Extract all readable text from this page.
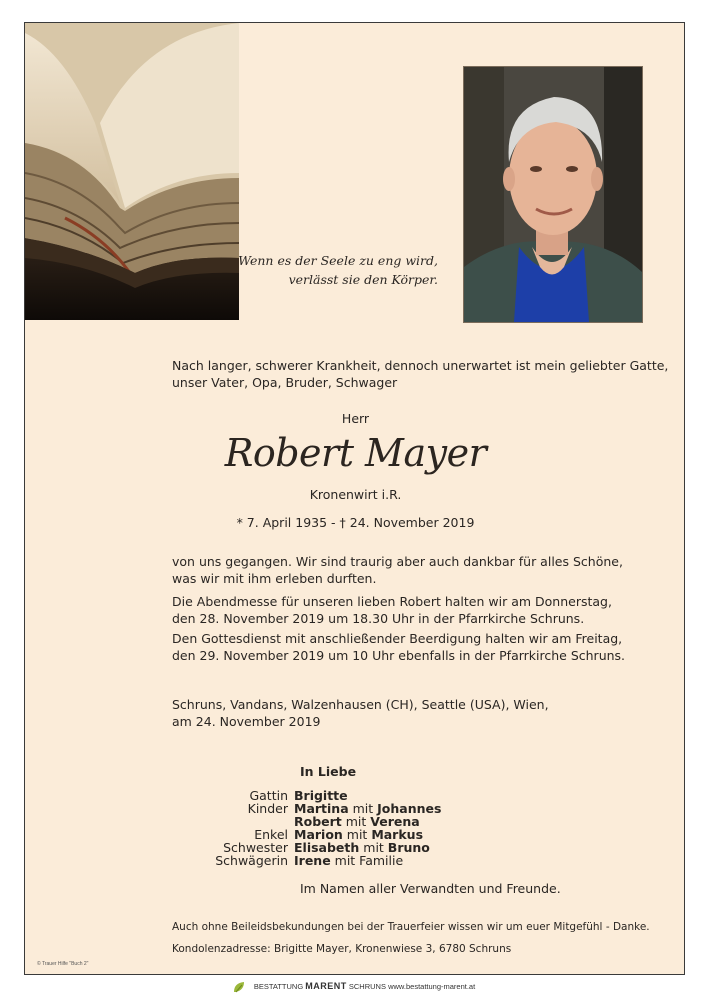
Wenn es der Seele zu eng wird,
verlässt sie den Körper.
Nach langer, schwerer Krankheit, dennoch unerwartet ist mein geliebter Gatte,
unser Vater, Opa, Bruder, Schwager
Herr
Robert Mayer
Kronenwirt i.R.
* 7. April 1935 - † 24. November 2019
von uns gegangen. Wir sind traurig aber auch dankbar für alles Schöne,
was wir mit ihm erleben durften.
Die Abendmesse für unseren lieben Robert halten wir am Donnerstag,
den 28. November 2019 um 18.30 Uhr in der Pfarrkirche Schruns.
Den Gottesdienst mit anschließender Beerdigung halten wir am Freitag,
den 29. November 2019 um 10 Uhr ebenfalls in der Pfarrkirche Schruns.
Schruns, Vandans, Walzenhausen (CH), Seattle (USA), Wien,
am 24. November 2019
In Liebe
Gattin Brigitte
Kinder Martina mit Johannes
Robert mit Verena
Enkel Marion mit Markus
Schwester Elisabeth mit Bruno
Schwägerin Irene mit Familie
Im Namen aller Verwandten und Freunde.
Auch ohne Beileidsbekundungen bei der Trauerfeier wissen wir um euer Mitgefühl - Danke.
Kondolenzadresse: Brigitte Mayer, Kronenwiese 3, 6780 Schruns
© Trauer Hilfe "Buch 2"
BESTATTUNG MARENT SCHRUNS www.bestattung-marent.at
